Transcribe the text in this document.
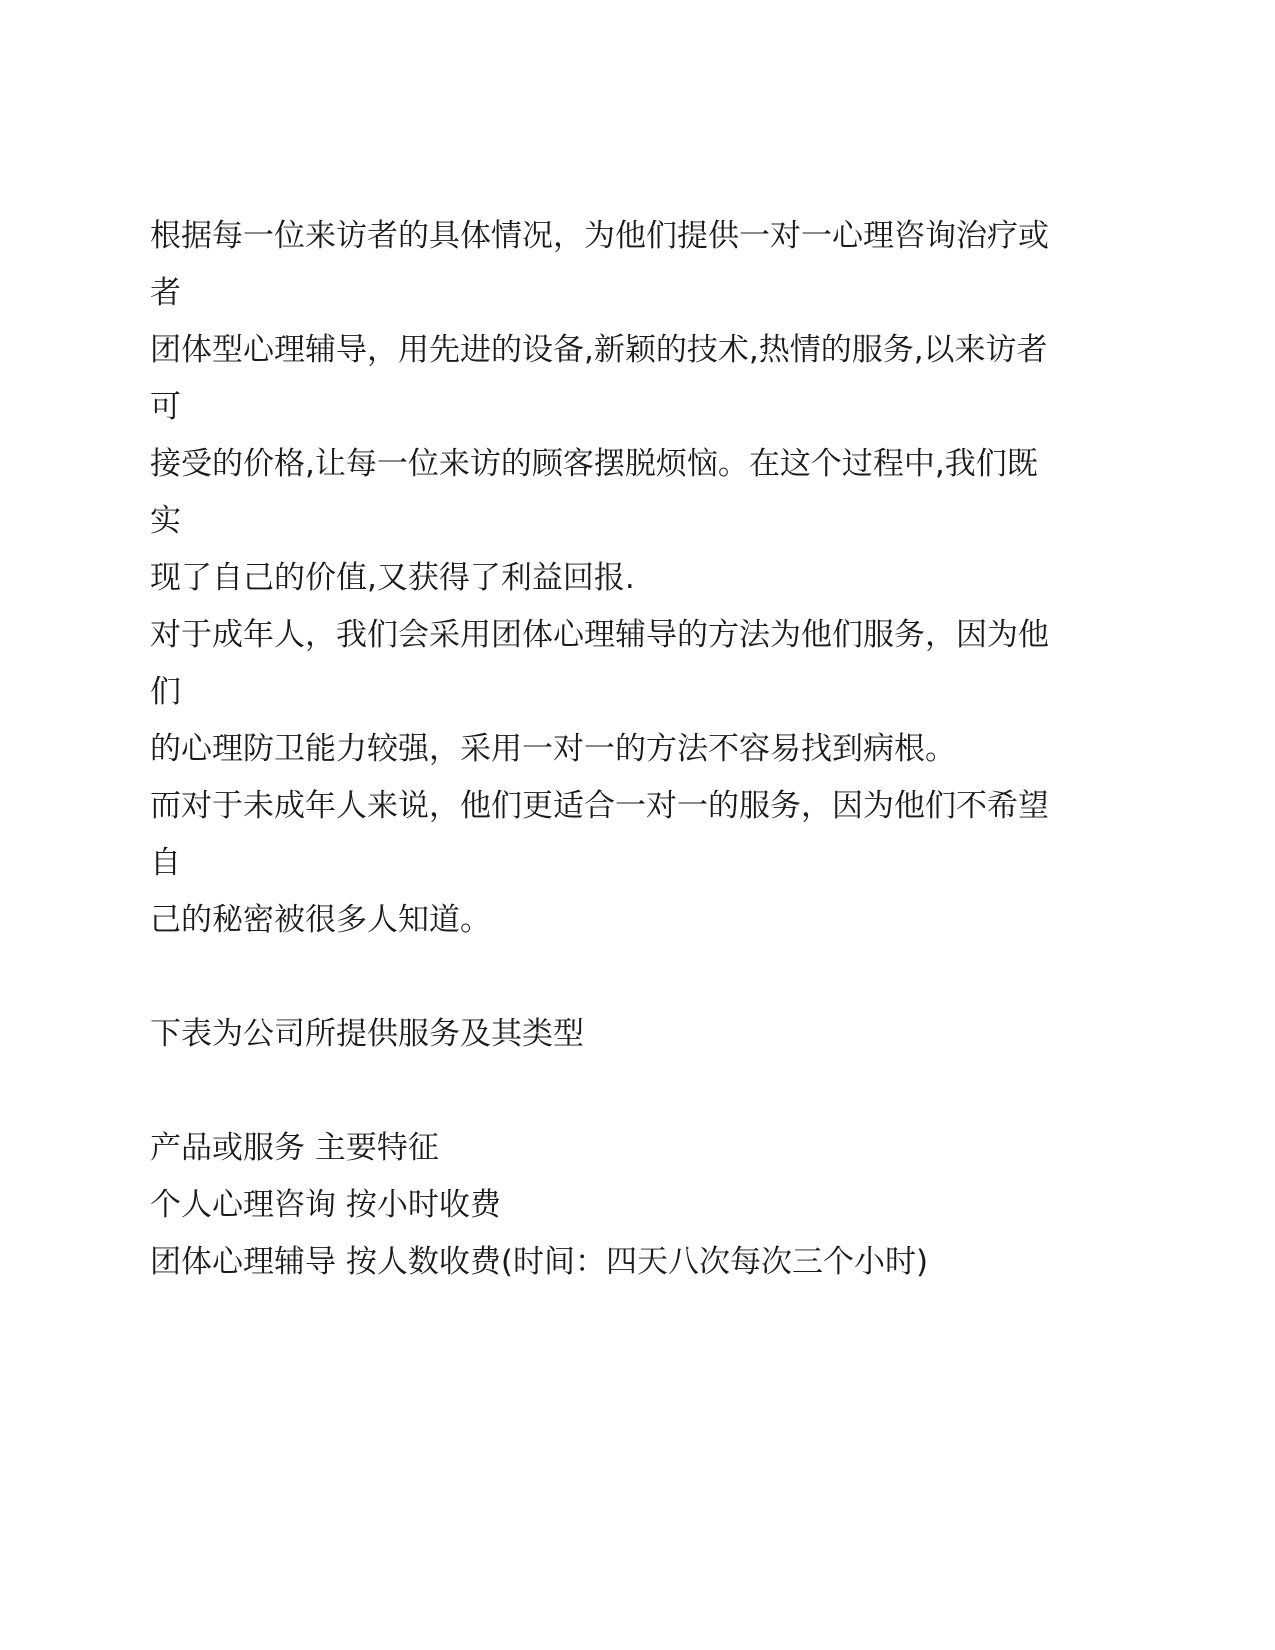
根据每一位来访者的具体情况，为他们提供一对一心理咨询治疗或
者
团体型心理辅导，用先进的设备,新颖的技术,热情的服务,以来访者
可
接受的价格,让每一位来访的顾客摆脱烦恼。在这个过程中,我们既
实
现了自己的价值,又获得了利益回报.
对于成年人，我们会采用团体心理辅导的方法为他们服务，因为他
们
的心理防卫能力较强，采用一对一的方法不容易找到病根。
而对于未成年人来说，他们更适合一对一的服务，因为他们不希望
自
己的秘密被很多人知道。
下表为公司所提供服务及其类型
产品或服务 主要特征
个人心理咨询 按小时收费
团体心理辅导 按人数收费(时间：四天八次每次三个小时)
